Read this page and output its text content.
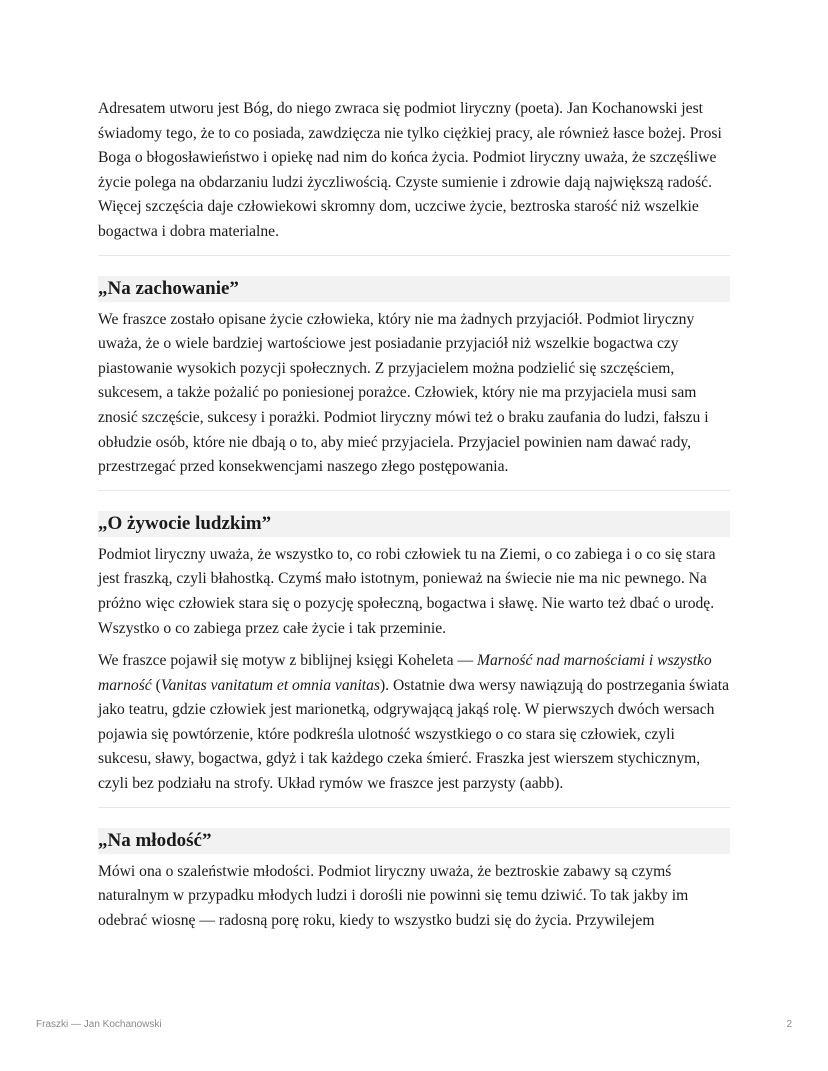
Adresatem utworu jest Bóg, do niego zwraca się podmiot liryczny (poeta). Jan Kochanowski jest świadomy tego, że to co posiada, zawdzięcza nie tylko ciężkiej pracy, ale również łasce bożej. Prosi Boga o błogosławieństwo i opiekę nad nim do końca życia. Podmiot liryczny uważa, że szczęśliwe życie polega na obdarzaniu ludzi życzliwością. Czyste sumienie i zdrowie dają największą radość. Więcej szczęścia daje człowiekowi skromny dom, uczciwe życie, beztroska starość niż wszelkie bogactwa i dobra materialne.

„Na zachowanie”

We fraszce zostało opisane życie człowieka, który nie ma żadnych przyjaciół. Podmiot liryczny uważa, że o wiele bardziej wartościowe jest posiadanie przyjaciół niż wszelkie bogactwa czy piastowanie wysokich pozycji społecznych. Z przyjacielem można podzielić się szczęściem, sukcesem, a także pożalić po poniesionej porażce. Człowiek, który nie ma przyjaciela musi sam znosić szczęście, sukcesy i porażki. Podmiot liryczny mówi też o braku zaufania do ludzi, fałszu i obłudzie osób, które nie dbają o to, aby mieć przyjaciela. Przyjaciel powinien nam dawać rady, przestrzegać przed konsekwencjami naszego złego postępowania.

„O żywocie ludzkim”

Podmiot liryczny uważa, że wszystko to, co robi człowiek tu na Ziemi, o co zabiega i o co się stara jest fraszką, czyli błahostką. Czymś mało istotnym, ponieważ na świecie nie ma nic pewnego. Na próżno więc człowiek stara się o pozycję społeczną, bogactwa i sławę. Nie warto też dbać o urodę. Wszystko o co zabiega przez całe życie i tak przeminie.

We fraszce pojawił się motyw z biblijnej księgi Koheleta — Marność nad marnościami i wszystko marność (Vanitas vanitatum et omnia vanitas). Ostatnie dwa wersy nawiązują do postrzegania świata jako teatru, gdzie człowiek jest marionetką, odgrywającą jakąś rolę. W pierwszych dwóch wersach pojawia się powtórzenie, które podkreśla ulotność wszystkiego o co stara się człowiek, czyli sukcesu, sławy, bogactwa, gdyż i tak każdego czeka śmierć. Fraszka jest wierszem stychicznym, czyli bez podziału na strofy. Układ rymów we fraszce jest parzysty (aabb).

„Na młodość”

Mówi ona o szaleństwie młodości. Podmiot liryczny uważa, że beztroskie zabawy są czymś naturalnym w przypadku młodych ludzi i dorośli nie powinni się temu dziwić. To tak jakby im odebrać wiosnę — radosną porę roku, kiedy to wszystko budzi się do życia. Przywilejem

Fraszki — Jan Kochanowski	2
